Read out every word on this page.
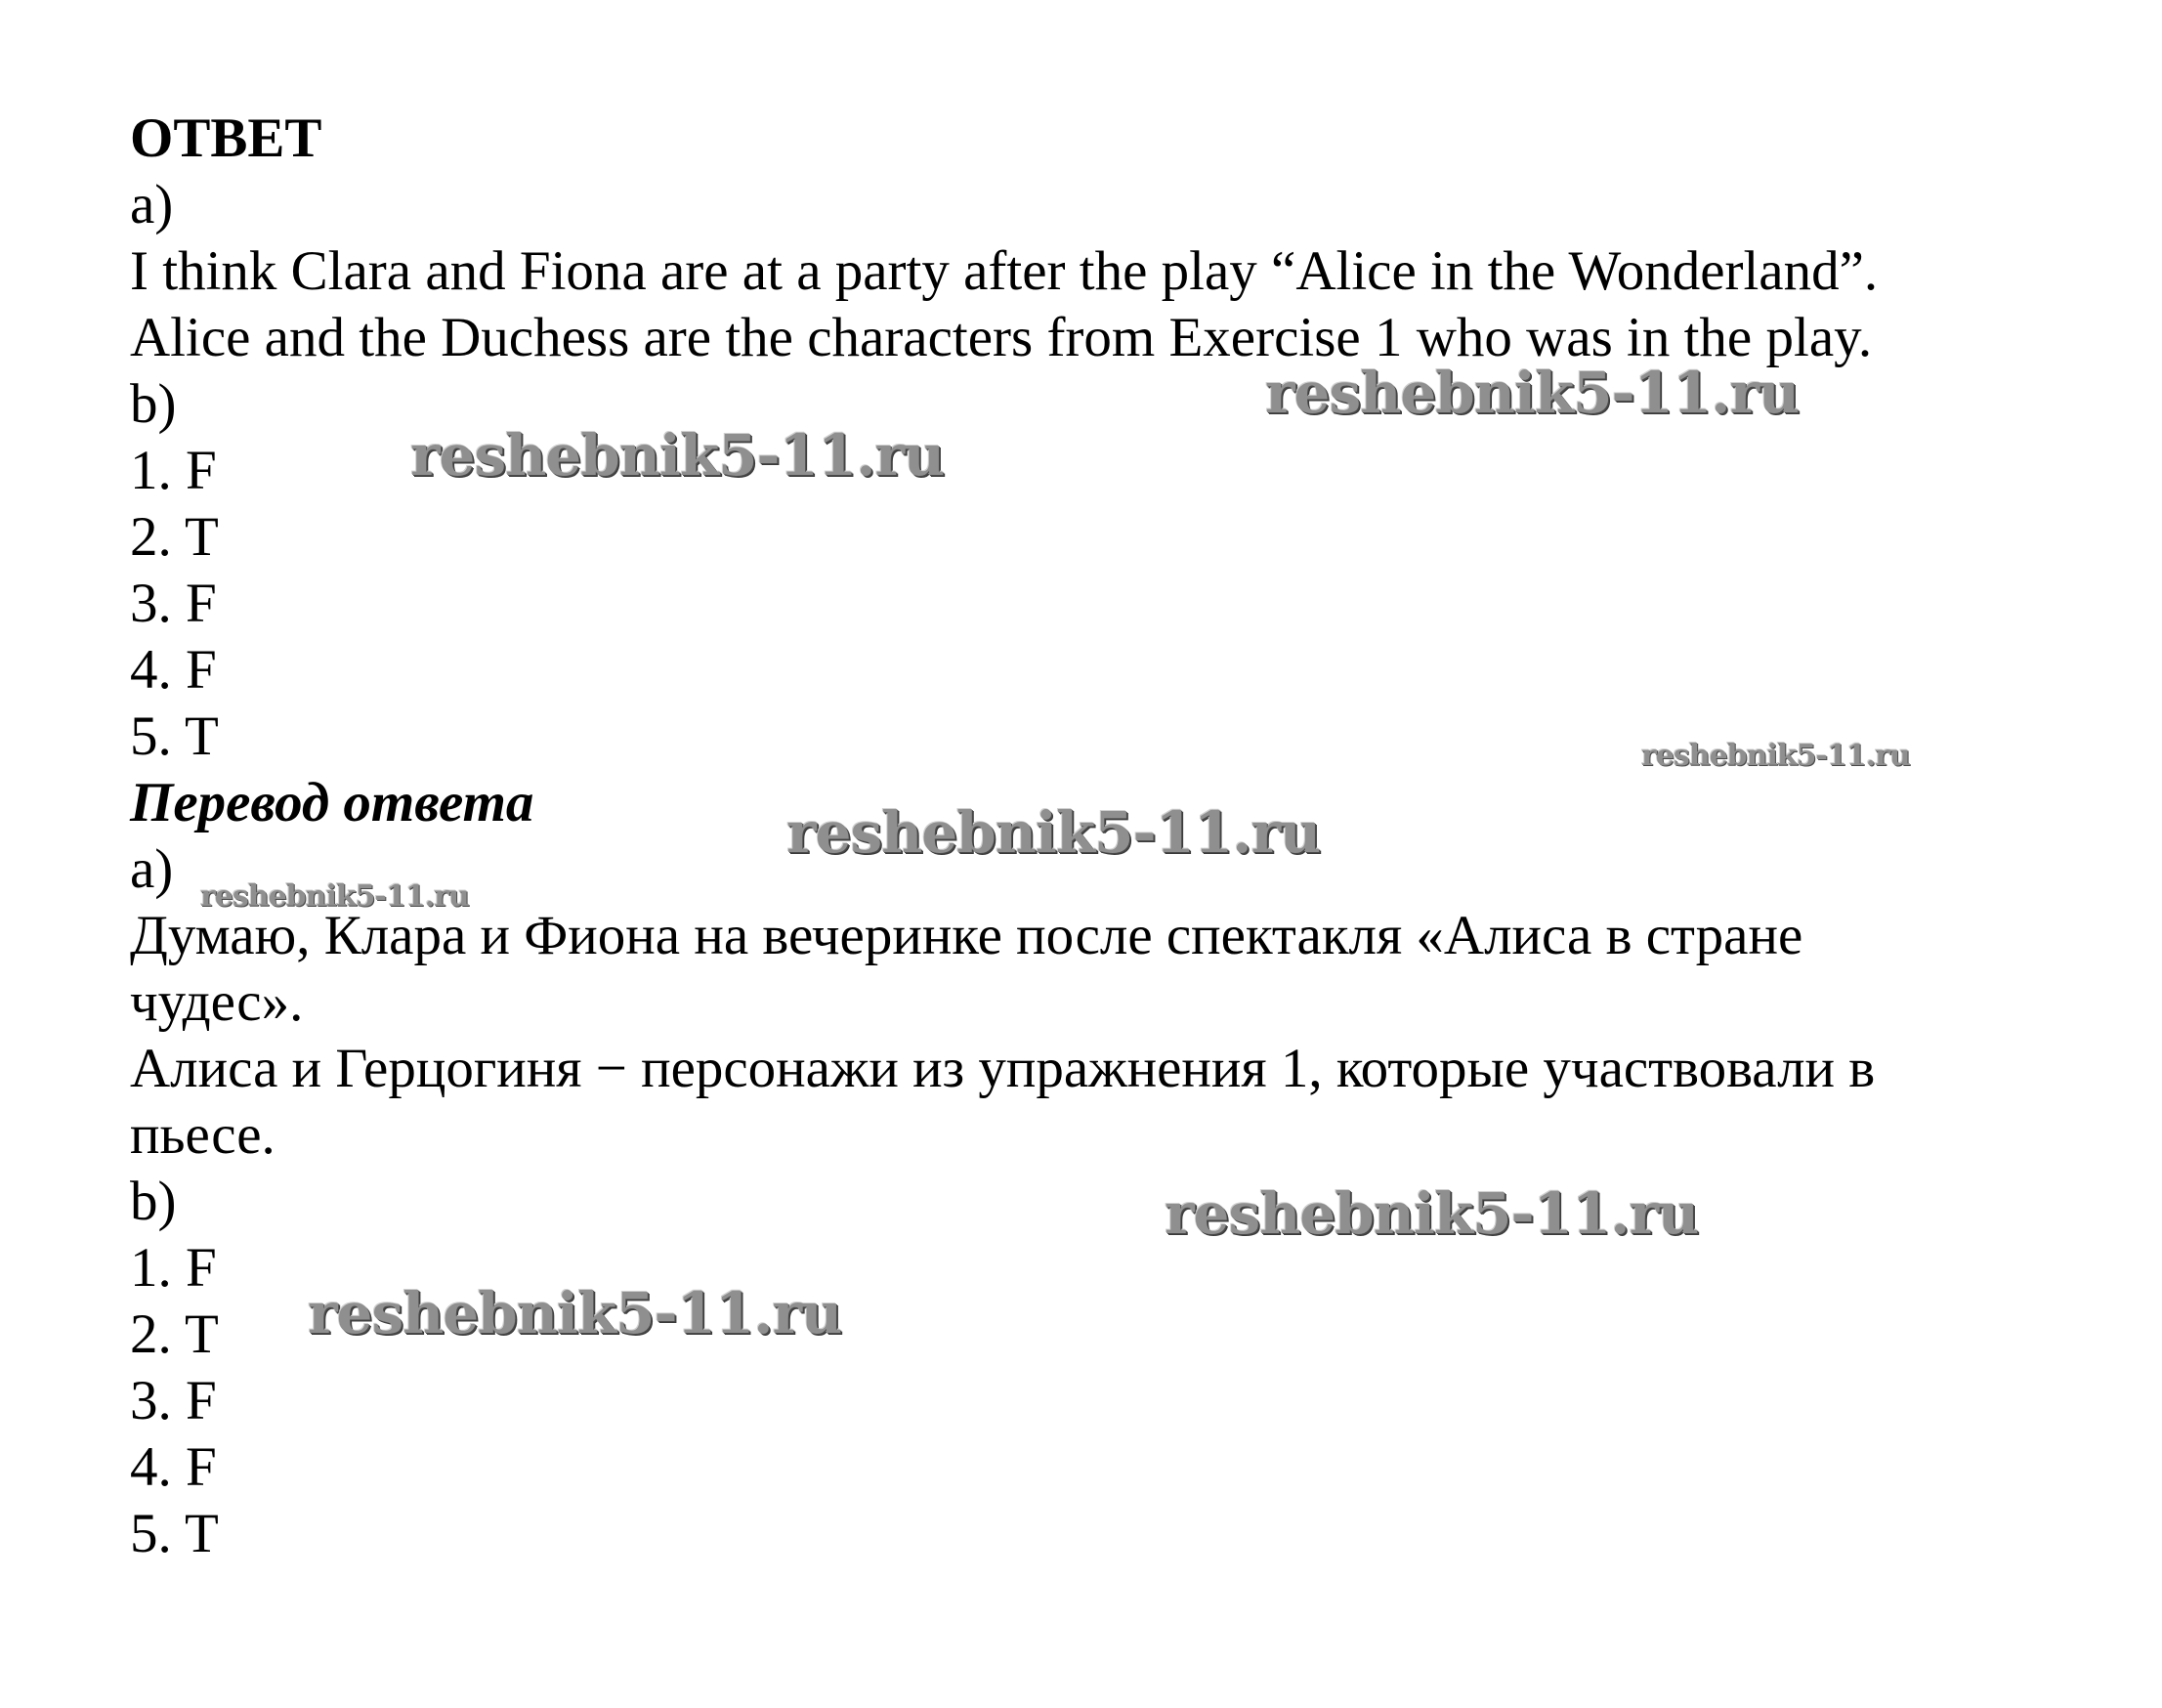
ОТВЕТ
a)
I think Clara and Fiona are at a party after the play “Alice in the Wonderland”.
Alice and the Duchess are the characters from Exercise 1 who was in the play.
b)
1. F
2. T
3. F
4. F
5. T
Перевод ответа
a)
Думаю, Клара и Фиона на вечеринке после спектакля «Алиса в стране
чудес».
Алиса и Герцогиня − персонажи из упражнения 1, которые участвовали в
пьесе.
b)
1. F
2. T
3. F
4. F
5. T
reshebnik5-11.ru
reshebnik5-11.ru
reshebnik5-11.ru
reshebnik5-11.ru
reshebnik5-11.ru
reshebnik5-11.ru
reshebnik5-11.ru
